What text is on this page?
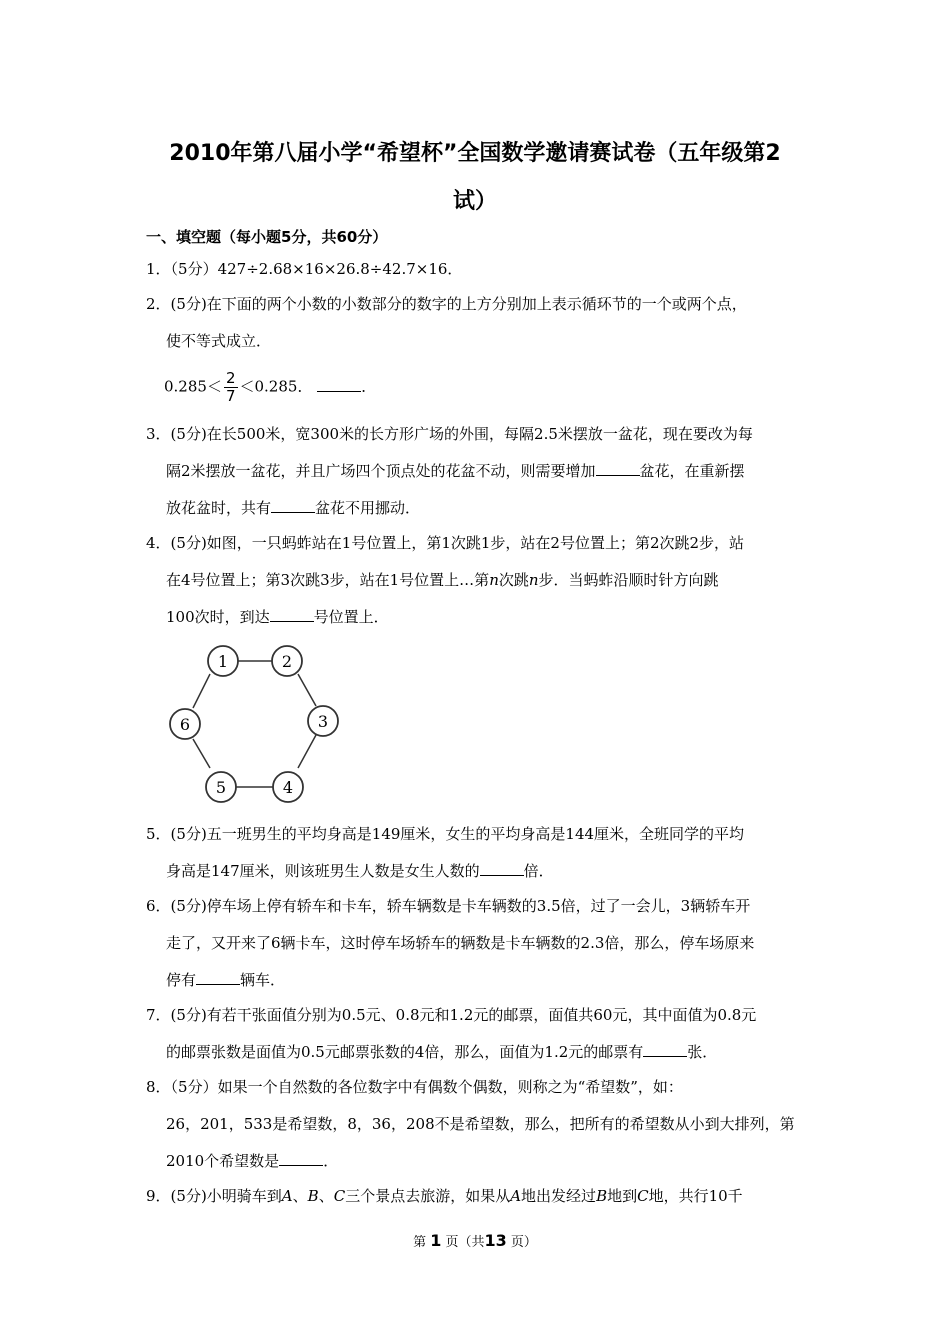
2010年第八届小学“希望杯”全国数学邀请赛试卷（五年级第2
试）
一、填空题（每小题5分，共60分）
1．（5分）427÷2.68×16×26.8÷42.7×16．
2．(5分)在下面的两个小数的小数部分的数字的上方分别加上表示循环节的一个或两个点，
使不等式成立．
$0.285< \frac{2}{7} <0.285$．	．
3．(5分)在长500米，宽300米的长方形广场的外围，每隔2.5米摆放一盆花，现在要改为每
隔2米摆放一盆花，并且广场四个顶点处的花盆不动，则需要增加	盆花，在重新摆
放花盆时，共有	盆花不用挪动．
4．(5分)如图，一只蚂蚱站在1号位置上，第1次跳1步，站在2号位置上；第2次跳2步，站
在4号位置上；第3次跳3步，站在1号位置上…第n次跳n步．当蚂蚱沿顺时针方向跳
100次时，到达	号位置上．
1	2
3
4
5
6
5．(5分)五一班男生的平均身高是149厘米，女生的平均身高是144厘米，全班同学的平均
身高是147厘米，则该班男生人数是女生人数的	倍．
6．(5分)停车场上停有轿车和卡车，轿车辆数是卡车辆数的3.5倍，过了一会儿，3辆轿车开
走了，又开来了6辆卡车，这时停车场轿车的辆数是卡车辆数的2.3倍，那么，停车场原来
停有	辆车．
7．(5分)有若干张面值分别为0.5元、0.8元和1.2元的邮票，面值共60元，其中面值为0.8元
的邮票张数是面值为0.5元邮票张数的4倍，那么，面值为1.2元的邮票有	张．
8．（5分）如果一个自然数的各位数字中有偶数个偶数，则称之为“希望数”，如：
26，201，533是希望数，8，36，208不是希望数，那么，把所有的希望数从小到大排列，第
2010个希望数是	．
9．(5分)小明骑车到A、B、C三个景点去旅游，如果从A地出发经过B地到C地，共行10千
第 1 页（共13 页）
